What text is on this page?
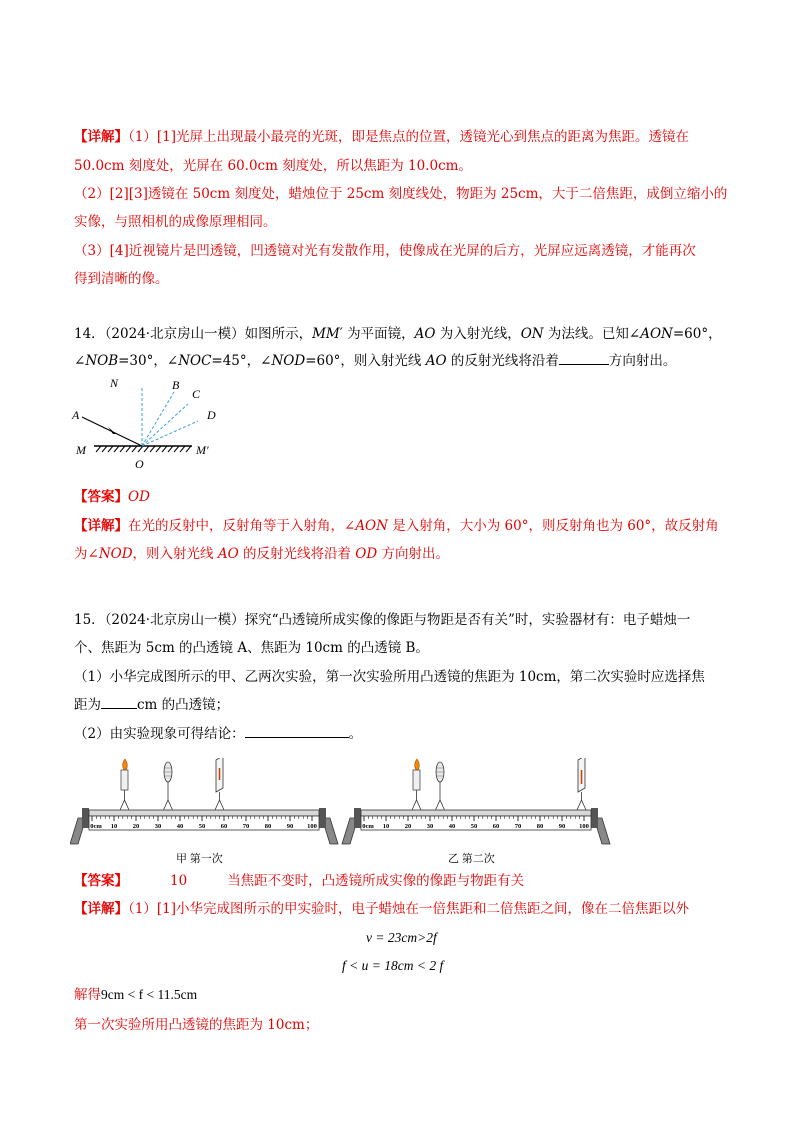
【详解】（1）[1]光屏上出现最小最亮的光斑，即是焦点的位置，透镜光心到焦点的距离为焦距。透镜在
50.0cm 刻度处，光屏在 60.0cm 刻度处，所以焦距为 10.0cm。
（2）[2][3]透镜在 50cm 刻度处，蜡烛位于 25cm 刻度线处，物距为 25cm，大于二倍焦距，成倒立缩小的
实像，与照相机的成像原理相同。
（3）[4]近视镜片是凹透镜，凹透镜对光有发散作用，使像成在光屏的后方，光屏应远离透镜，才能再次
得到清晰的像。
14．（2024·北京房山一模）如图所示，MM′ 为平面镜，AO 为入射光线，ON 为法线。已知∠AON=60°，
∠NOB=30°，∠NOC=45°，∠NOD=60°，则入射光线 AO 的反射光线将沿着	方向射出。
N	B
C
D
A
M
O
M′
【答案】OD
【详解】在光的反射中，反射角等于入射角，∠AON 是入射角，大小为 60°，则反射角也为 60°，故反射角
为∠NOD，则入射光线 AO 的反射光线将沿着 OD 方向射出。
15．（2024·北京房山一模）探究“凸透镜所成实像的像距与物距是否有关”时，实验器材有：电子蜡烛一
个、焦距为 5cm 的凸透镜 A、焦距为 10cm 的凸透镜 B。
（1）小华完成图所示的甲、乙两次实验，第一次实验所用凸透镜的焦距为 10cm，第二次实验时应选择焦
距为	cm 的凸透镜；
（2）由实验现象可得结论：	。
0cm 10 20 30 40 50 60 70 80 90 100	0cm 10 20 30 40 50 60 70 80 90 100
甲 第一次	乙 第二次
【答案】	10	当焦距不变时，凸透镜所成实像的像距与物距有关
【详解】（1）[1]小华完成图所示的甲实验时，电子蜡烛在一倍焦距和二倍焦距之间，像在二倍焦距以外
v = 23cm>2f
f < u = 18cm < 2 f
解得9cm < f < 11.5cm
第一次实验所用凸透镜的焦距为 10cm；
